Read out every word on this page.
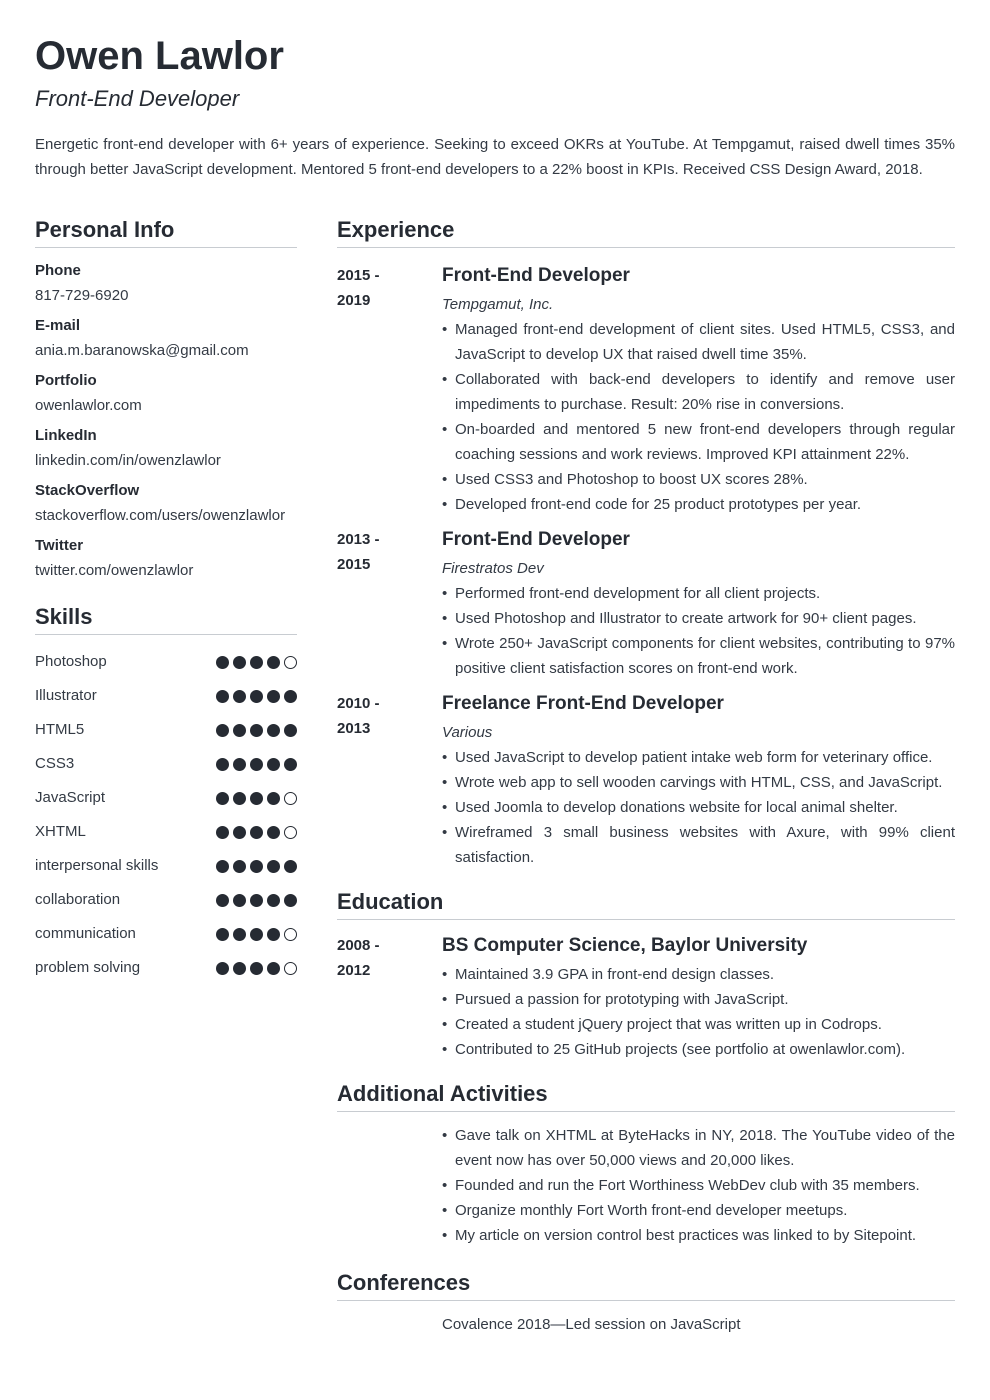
Owen Lawlor

Front-End Developer

Energetic front-end developer with 6+ years of experience. Seeking to exceed OKRs at YouTube. At Tempgamut, raised dwell times 35% through better JavaScript development. Mentored 5 front-end developers to a 22% boost in KPIs. Received CSS Design Award, 2018.

Personal Info
Phone
817-729-6920
E-mail
ania.m.baranowska@gmail.com
Portfolio
owenlawlor.com
LinkedIn
linkedin.com/in/owenzlawlor
StackOverflow
stackoverflow.com/users/owenzlawlor
Twitter
twitter.com/owenzlawlor
Skills
Photoshop
Illustrator
HTML5
CSS3
JavaScript
XHTML
interpersonal skills
collaboration
communication
problem solving
Experience
2015 -
2019
Front-End Developer
Tempgamut, Inc.
• Managed front-end development of client sites. Used HTML5, CSS3, and JavaScript to develop UX that raised dwell time 35%.
• Collaborated with back-end developers to identify and remove user impediments to purchase. Result: 20% rise in conversions.
• On-boarded and mentored 5 new front-end developers through regular coaching sessions and work reviews. Improved KPI attainment 22%.
• Used CSS3 and Photoshop to boost UX scores 28%.
• Developed front-end code for 25 product prototypes per year.
2013 -
2015
Front-End Developer
Firestratos Dev
• Performed front-end development for all client projects.
• Used Photoshop and Illustrator to create artwork for 90+ client pages.
• Wrote 250+ JavaScript components for client websites, contributing to 97% positive client satisfaction scores on front-end work.
2010 -
2013
Freelance Front-End Developer
Various
• Used JavaScript to develop patient intake web form for veterinary office.
• Wrote web app to sell wooden carvings with HTML, CSS, and JavaScript.
• Used Joomla to develop donations website for local animal shelter.
• Wireframed 3 small business websites with Axure, with 99% client satisfaction.
Education
2008 -
2012
BS Computer Science, Baylor University
• Maintained 3.9 GPA in front-end design classes.
• Pursued a passion for prototyping with JavaScript.
• Created a student jQuery project that was written up in Codrops.
• Contributed to 25 GitHub projects (see portfolio at owenlawlor.com).
Additional Activities
• Gave talk on XHTML at ByteHacks in NY, 2018. The YouTube video of the event now has over 50,000 views and 20,000 likes.
• Founded and run the Fort Worthiness WebDev club with 35 members.
• Organize monthly Fort Worth front-end developer meetups.
• My article on version control best practices was linked to by Sitepoint.
Conferences
Covalence 2018—Led session on JavaScript
